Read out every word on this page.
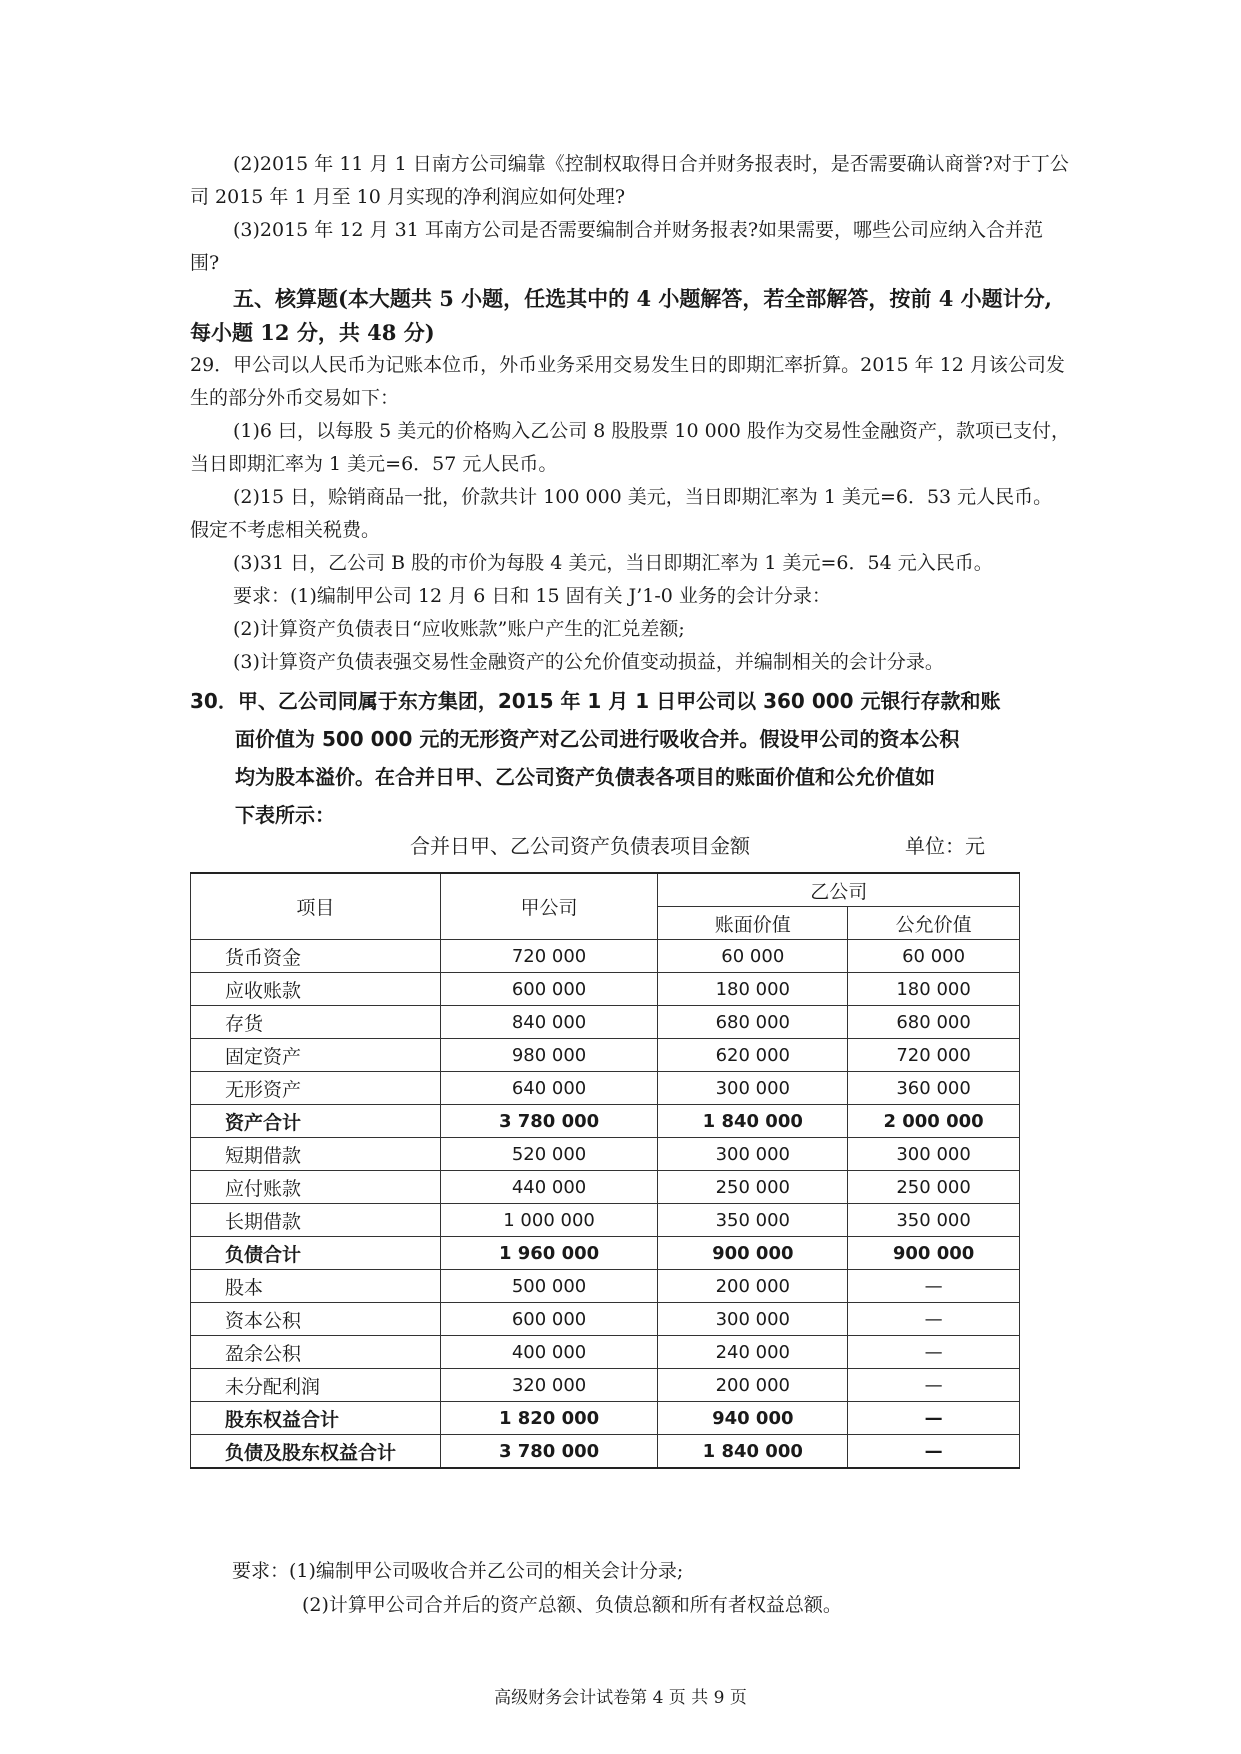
(2)2015 年 11 月 1 日南方公司编靠《控制权取得日合并财务报表时，是否需要确认商誉?对于丁公司 2015 年 1 月至 10 月实现的净利润应如何处理?

(3)2015 年 12 月 31 耳南方公司是否需要编制合并财务报表?如果需要，哪些公司应纳入合并范围?

五、核算题(本大题共 5 小题，任选其中的 4 小题解答，若全部解答，按前 4 小题计分,每小题 12 分，共 48 分)

29．甲公司以人民币为记账本位币，外币业务采用交易发生日的即期汇率折算。2015 年 12 月该公司发生的部分外币交易如下：

(1)6 曰，以每股 5 美元的价格购入乙公司 8 股股票 10 000 股作为交易性金融资产，款项已支付，当日即期汇率为 1 美元=6．57 元人民币。

(2)15 日，赊销商品一批，价款共计 100 000 美元，当日即期汇率为 1 美元=6．53 元人民币。假定不考虑相关税费。

(3)31 日，乙公司 B 股的市价为每股 4 美元，当日即期汇率为 1 美元=6．54 元入民币。

要求：(1)编制甲公司 12 月 6 日和 15 固有关 J’1-0 业务的会计分录：

(2)计算资产负债表日“应收账款”账户产生的汇兑差额;

(3)计算资产负债表强交易性金融资产的公允价值变动损益，并编制相关的会计分录。

30．甲、乙公司同属于东方集团，2015 年 1 月 1 日甲公司以 360 000 元银行存款和账
面价值为 500 000 元的无形资产对乙公司进行吸收合并。假设甲公司的资本公积
均为股本溢价。在合并日甲、乙公司资产负债表各项目的账面价值和公允价值如
下表所示：
合并日甲、乙公司资产负债表项目金额	单位：元
项目	甲公司	乙公司	
		账面价值	公允价值
货币资金	720 000	60 000	60 000
应收账款	600 000	180 000	180 000
存货	840 000	680 000	680 000
固定资产	980 000	620 000	720 000
无形资产	640 000	300 000	360 000
资产合计	3 780 000	1 840 000	2 000 000
短期借款	520 000	300 000	300 000
应付账款	440 000	250 000	250 000
长期借款	1 000 000	350 000	350 000
负债合计	1 960 000	900 000	900 000
股本	500 000	200 000	—
资本公积	600 000	300 000	—
盈余公积	400 000	240 000	—
未分配利润	320 000	200 000	—
股东权益合计	1 820 000	940 000	—
负债及股东权益合计	3 780 000	1 840 000	—

要求：(1)编制甲公司吸收合并乙公司的相关会计分录;

(2)计算甲公司合并后的资产总额、负债总额和所有者权益总额。

高级财务会计试卷第 4 页 共 9 页
